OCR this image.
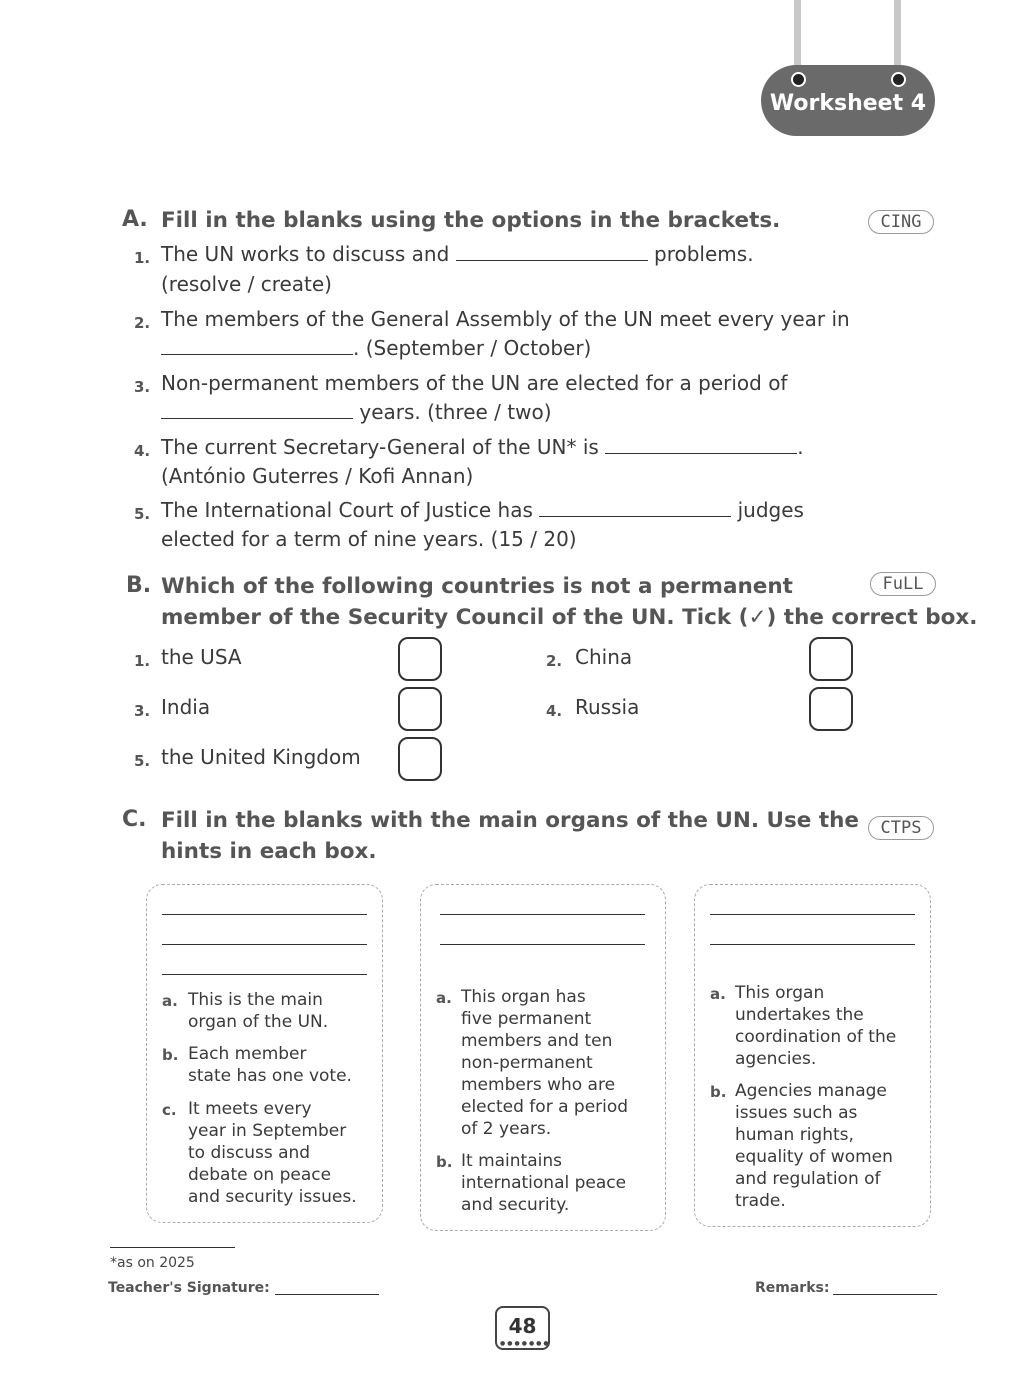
Worksheet 4
A. Fill in the blanks using the options in the brackets.	CING
1. The UN works to discuss and	problems.
(resolve / create)
2. The members of the General Assembly of the UN meet every year in
. (September / October)
3. Non-permanent members of the UN are elected for a period of
years. (three / two)
4. The current Secretary-General of the UN* is	.
(António Guterres / Kofi Annan)
5. The International Court of Justice has	judges
elected for a term of nine years. (15 / 20)
B. Which of the following countries is not a permanent
member of the Security Council of the UN. Tick (✓) the correct box.
FuLL
1. the USA	2. China
3. India	4. Russia
5. the United Kingdom
C. Fill in the blanks with the main organs of the UN. Use the
hints in each box.
CTPS
a. This is the main
organ of the UN.
b. Each member
state has one vote.
c. It meets every
year in September
to discuss and
debate on peace
and security issues.
a. This organ has
five permanent
members and ten
non-permanent
members who are
elected for a period
of 2 years.
b. It maintains
international peace
and security.
a. This organ
undertakes the
coordination of the
agencies.
b. Agencies manage
issues such as
human rights,
equality of women
and regulation of
trade.
*as on 2025
Teacher's Signature:	Remarks:
48
●●●●●●●
